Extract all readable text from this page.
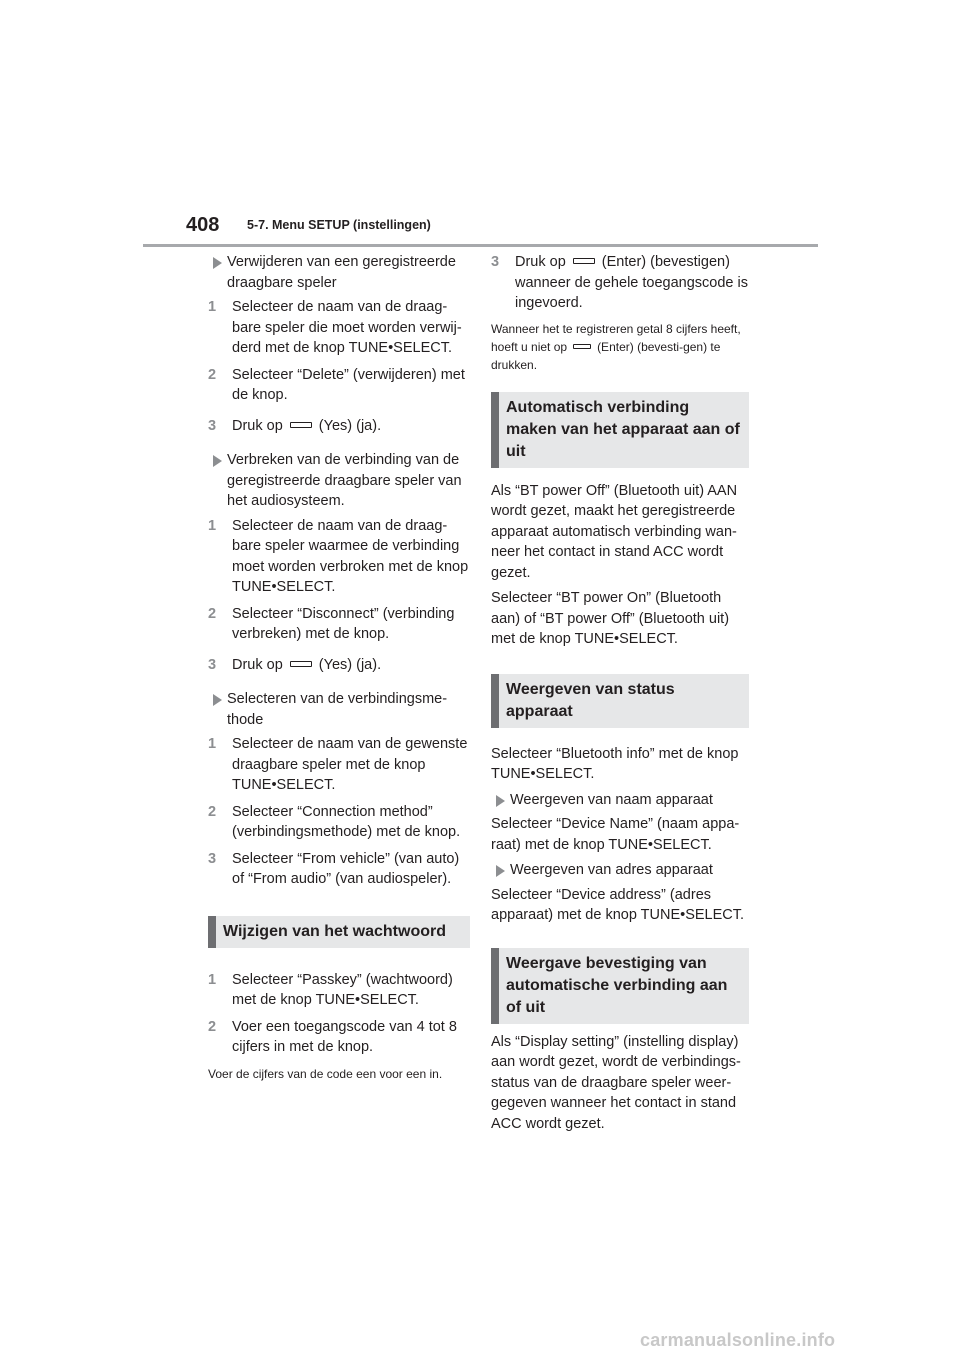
408 5-7. Menu SETUP (instellingen)

Verwijderen van een geregistreerde draagbare speler

1	Selecteer de naam van de draag-bare speler die moet worden verwij-derd met de knop TUNE•SELECT.

2	Selecteer “Delete” (verwijderen) met de knop.

3	Druk op (Yes) (ja).

Verbreken van de verbinding van de geregistreerde draagbare speler van het audiosysteem.

1	Selecteer de naam van de draag-bare speler waarmee de verbinding moet worden verbroken met de knop TUNE•SELECT.

2	Selecteer “Disconnect” (verbinding verbreken) met de knop.

3	Druk op (Yes) (ja).

Selecteren van de verbindingsme-thode

1	Selecteer de naam van de gewenste draagbare speler met de knop TUNE•SELECT.

2	Selecteer “Connection method” (verbindingsmethode) met de knop.

3	Selecteer “From vehicle” (van auto) of “From audio” (van audiospeler).

Wijzigen van het wachtwoord
1	Selecteer “Passkey” (wachtwoord) met de knop TUNE•SELECT.

2	Voer een toegangscode van 4 tot 8 cijfers in met de knop.

Voer de cijfers van de code een voor een in.

3	Druk op (Enter) (bevestigen) wanneer de gehele toegangscode is ingevoerd.

Wanneer het te registreren getal 8 cijfers heeft, hoeft u niet op	(Enter) (bevesti-gen) te drukken.

Automatisch verbinding maken van het apparaat aan of uit

Als “BT power Off” (Bluetooth uit) AAN wordt gezet, maakt het geregistreerde apparaat automatisch verbinding wan-neer het contact in stand ACC wordt gezet.

Selecteer “BT power On” (Bluetooth aan) of “BT power Off” (Bluetooth uit) met de knop TUNE•SELECT.

Weergeven van status apparaat

Selecteer “Bluetooth info” met de knop TUNE•SELECT.

Weergeven van naam apparaat

Selecteer “Device Name” (naam appa-raat) met de knop TUNE•SELECT.

Weergeven van adres apparaat

Selecteer “Device address” (adres apparaat) met de knop TUNE•SELECT.

Weergave bevestiging van automatische verbinding aan of uit

Als “Display setting” (instelling display) aan wordt gezet, wordt de verbindings-status van de draagbare speler weer-gegeven wanneer het contact in stand ACC wordt gezet.

carmanualsonline.info
